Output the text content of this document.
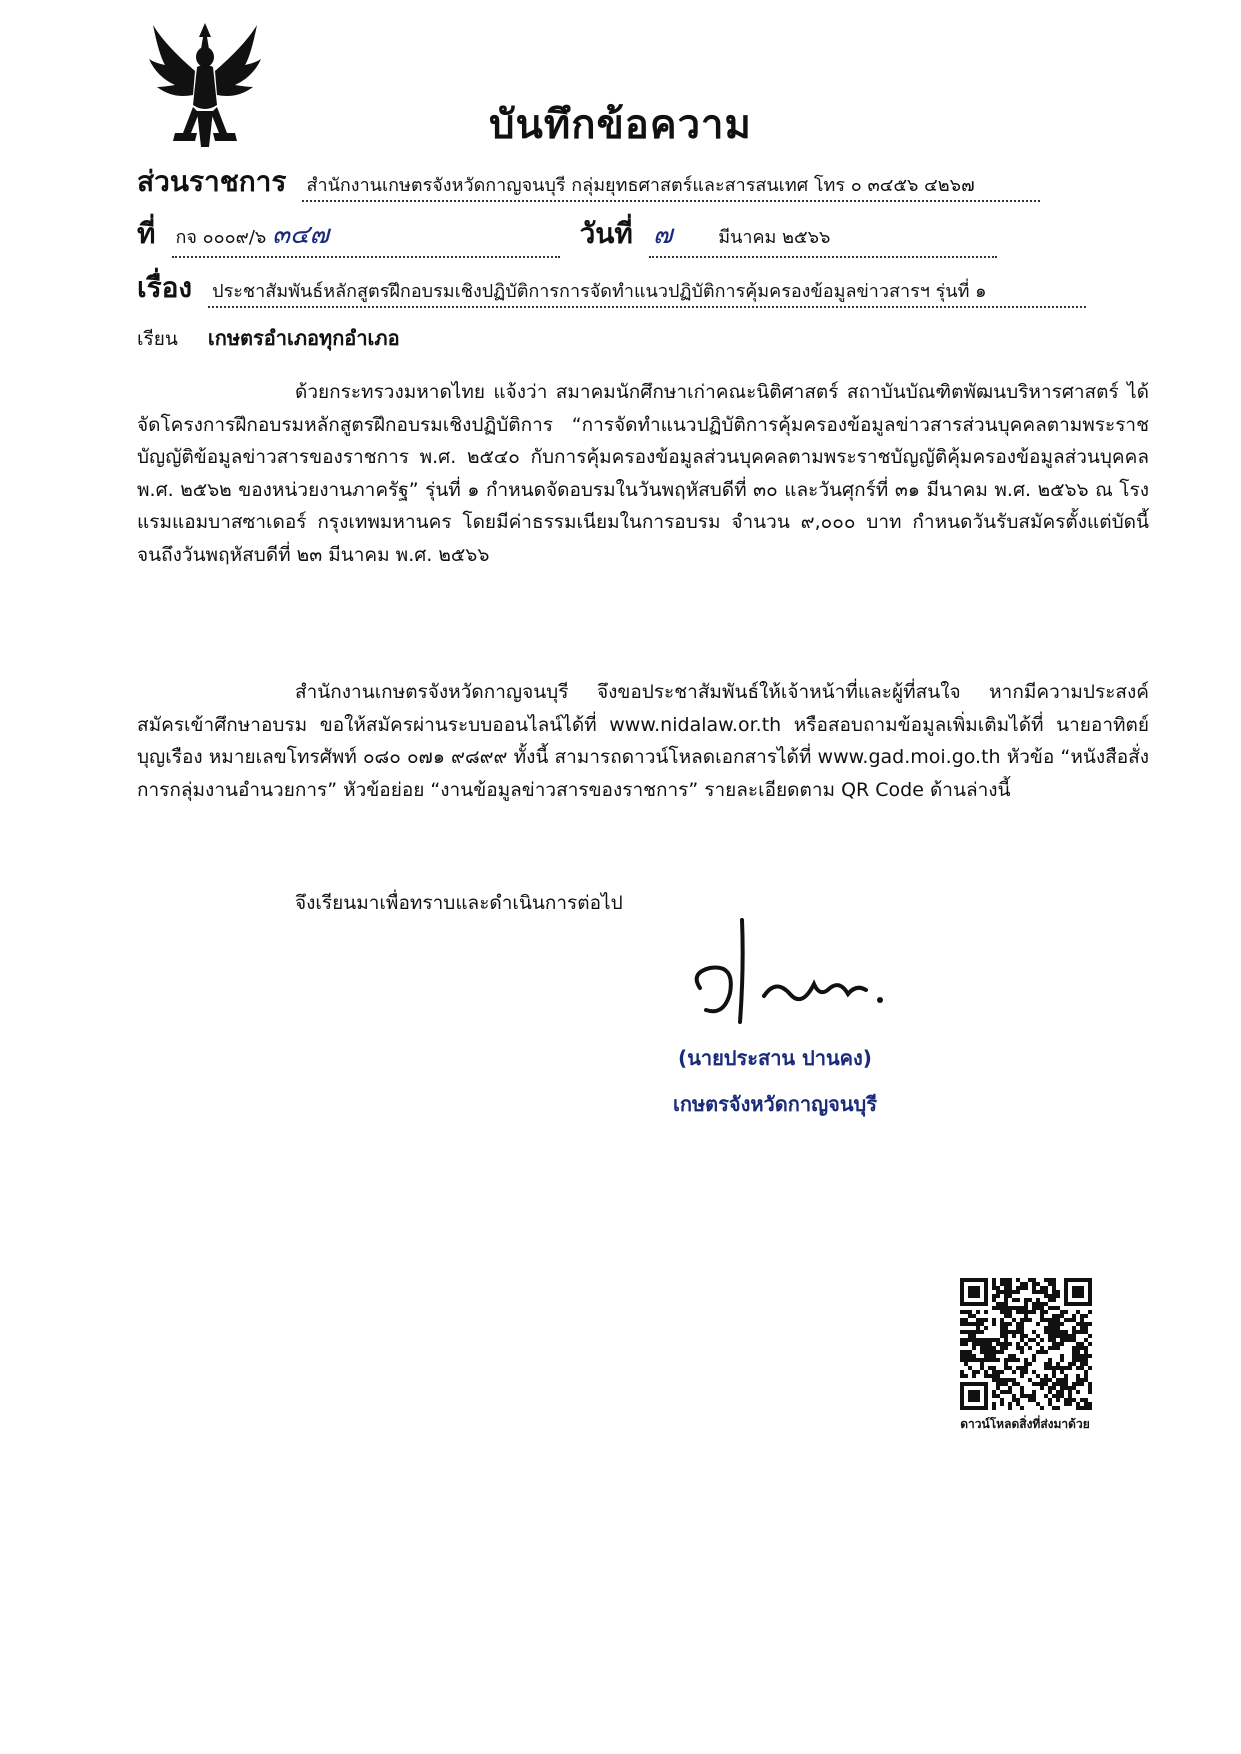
บันทึกข้อความ
ส่วนราชการ สำนักงานเกษตรจังหวัดกาญจนบุรี กลุ่มยุทธศาสตร์และสารสนเทศ โทร ๐ ๓๔๕๖ ๔๒๖๗
ที่ กจ ๐๐๐๙/๖ ๓๔๗	วันที่ ๗	มีนาคม ๒๕๖๖
เรื่อง ประชาสัมพันธ์หลักสูตรฝึกอบรมเชิงปฏิบัติการการจัดทำแนวปฏิบัติการคุ้มครองข้อมูลข่าวสารฯ รุ่นที่ ๑
เรียน เกษตรอำเภอทุกอำเภอ

ด้วยกระทรวงมหาดไทย แจ้งว่า สมาคมนักศึกษาเก่าคณะนิติศาสตร์ สถาบันบัณฑิตพัฒนบริหารศาสตร์ ได้จัดโครงการฝึกอบรมหลักสูตรฝึกอบรมเชิงปฏิบัติการ “การจัดทำแนวปฏิบัติการคุ้มครองข้อมูลข่าวสารส่วนบุคคลตามพระราชบัญญัติข้อมูลข่าวสารของราชการ พ.ศ. ๒๕๔๐ กับการคุ้มครองข้อมูลส่วนบุคคลตามพระราชบัญญัติคุ้มครองข้อมูลส่วนบุคคล พ.ศ. ๒๕๖๒ ของหน่วยงานภาครัฐ” รุ่นที่ ๑ กำหนดจัดอบรมในวันพฤหัสบดีที่ ๓๐ และวันศุกร์ที่ ๓๑ มีนาคม พ.ศ. ๒๕๖๖ ณ โรงแรมแอมบาสซาเดอร์ กรุงเทพมหานคร โดยมีค่าธรรมเนียมในการอบรม จำนวน ๙,๐๐๐ บาท กำหนดวันรับสมัครตั้งแต่บัดนี้จนถึงวันพฤหัสบดีที่ ๒๓ มีนาคม พ.ศ. ๒๕๖๖

สำนักงานเกษตรจังหวัดกาญจนบุรี จึงขอประชาสัมพันธ์ให้เจ้าหน้าที่และผู้ที่สนใจ หากมีความประสงค์สมัครเข้าศึกษาอบรม ขอให้สมัครผ่านระบบออนไลน์ได้ที่ www.nidalaw.or.th หรือสอบถามข้อมูลเพิ่มเติมได้ที่ นายอาทิตย์ บุญเรือง หมายเลขโทรศัพท์ ๐๘๐ ๐๗๑ ๙๘๙๙ ทั้งนี้ สามารถดาวน์โหลดเอกสารได้ที่ www.gad.moi.go.th หัวข้อ “หนังสือสั่งการกลุ่มงานอำนวยการ” หัวข้อย่อย “งานข้อมูลข่าวสารของราชการ” รายละเอียดตาม QR Code ด้านล่างนี้

จึงเรียนมาเพื่อทราบและดำเนินการต่อไป
(นายประสาน ปานคง)
เกษตรจังหวัดกาญจนบุรี
ดาวน์โหลดสิ่งที่ส่งมาด้วย
